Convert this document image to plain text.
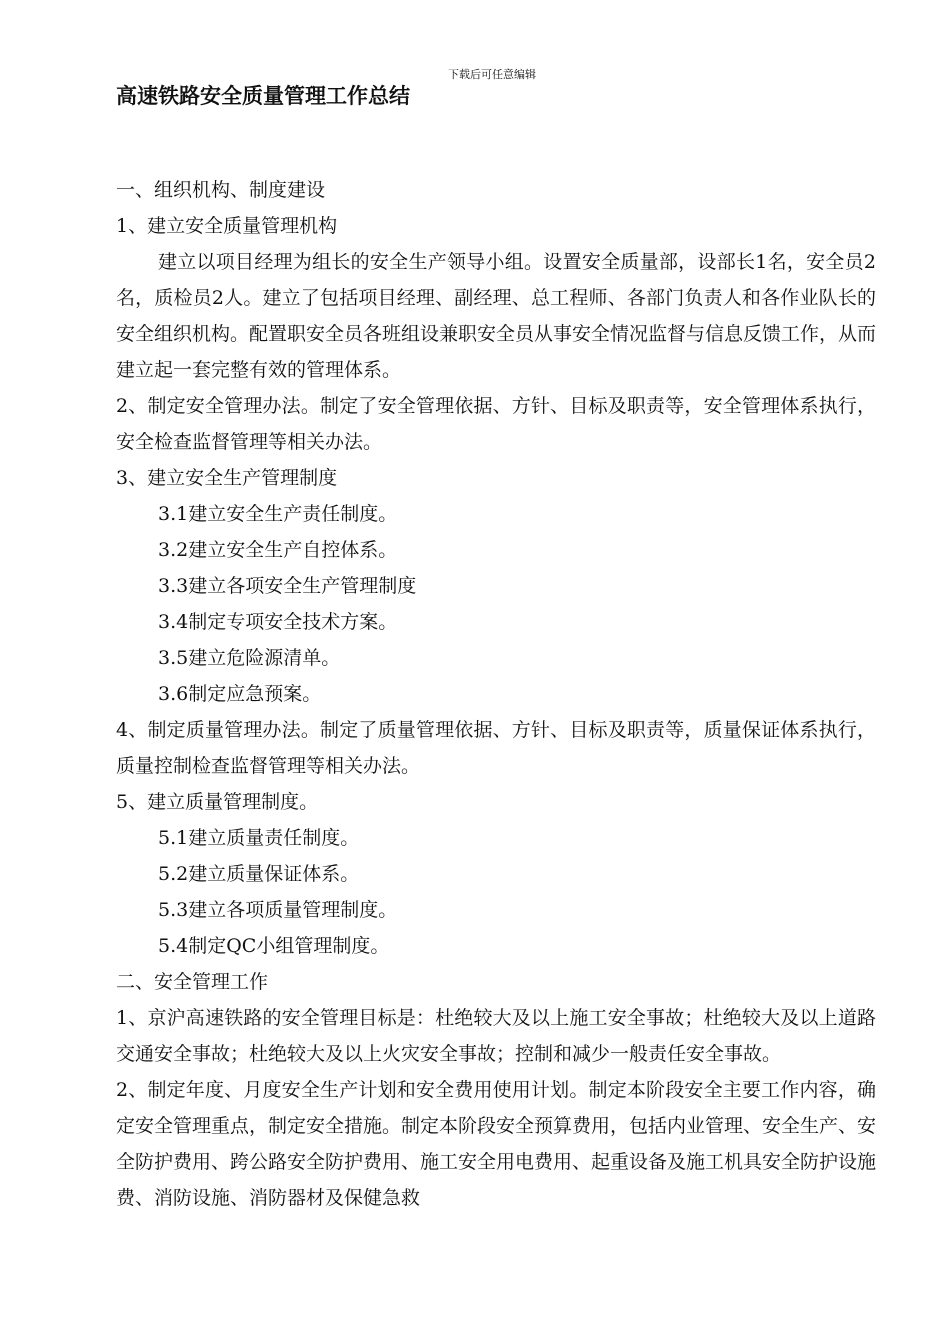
下载后可任意编辑
高速铁路安全质量管理工作总结
一、组织机构、制度建设
1、建立安全质量管理机构
建立以项目经理为组长的安全生产领导小组。设置安全质量部，设部长1名，安全员2名，质检员2人。建立了包括项目经理、副经理、总工程师、各部门负责人和各作业队长的安全组织机构。配置职安全员各班组设兼职安全员从事安全情况监督与信息反馈工作，从而建立起一套完整有效的管理体系。
2、制定安全管理办法。制定了安全管理依据、方针、目标及职责等，安全管理体系执行，安全检查监督管理等相关办法。
3、建立安全生产管理制度
3.1建立安全生产责任制度。
3.2建立安全生产自控体系。
3.3建立各项安全生产管理制度
3.4制定专项安全技术方案。
3.5建立危险源清单。
3.6制定应急预案。
4、制定质量管理办法。制定了质量管理依据、方针、目标及职责等，质量保证体系执行，质量控制检查监督管理等相关办法。
5、建立质量管理制度。
5.1建立质量责任制度。
5.2建立质量保证体系。
5.3建立各项质量管理制度。
5.4制定QC小组管理制度。
二、安全管理工作
1、京沪高速铁路的安全管理目标是：杜绝较大及以上施工安全事故；杜绝较大及以上道路交通安全事故；杜绝较大及以上火灾安全事故；控制和减少一般责任安全事故。
2、制定年度、月度安全生产计划和安全费用使用计划。制定本阶段安全主要工作内容，确定安全管理重点，制定安全措施。制定本阶段安全预算费用，包括内业管理、安全生产、安全防护费用、跨公路安全防护费用、施工安全用电费用、起重设备及施工机具安全防护设施费、消防设施、消防器材及保健急救
